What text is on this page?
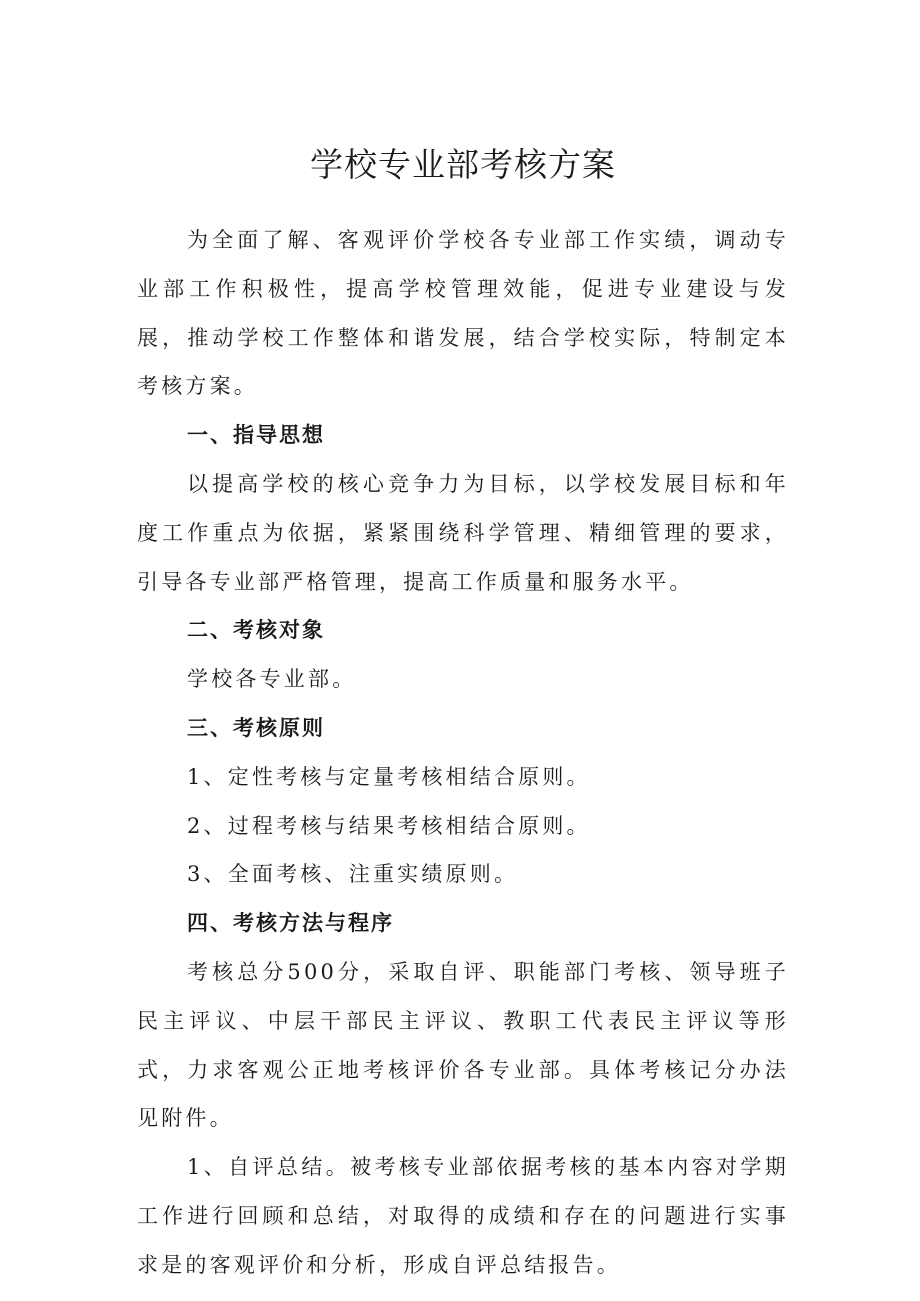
学校专业部考核方案

为全面了解、客观评价学校各专业部工作实绩，调动专业部工作积极性，提高学校管理效能，促进专业建设与发展，推动学校工作整体和谐发展，结合学校实际，特制定本考核方案。

一、指导思想

以提高学校的核心竞争力为目标，以学校发展目标和年度工作重点为依据，紧紧围绕科学管理、精细管理的要求，引导各专业部严格管理，提高工作质量和服务水平。

二、考核对象

学校各专业部。

三、考核原则

1、定性考核与定量考核相结合原则。

2、过程考核与结果考核相结合原则。

3、全面考核、注重实绩原则。

四、考核方法与程序

考核总分500分，采取自评、职能部门考核、领导班子民主评议、中层干部民主评议、教职工代表民主评议等形式，力求客观公正地考核评价各专业部。具体考核记分办法见附件。

1、自评总结。被考核专业部依据考核的基本内容对学期工作进行回顾和总结，对取得的成绩和存在的问题进行实事求是的客观评价和分析，形成自评总结报告。
